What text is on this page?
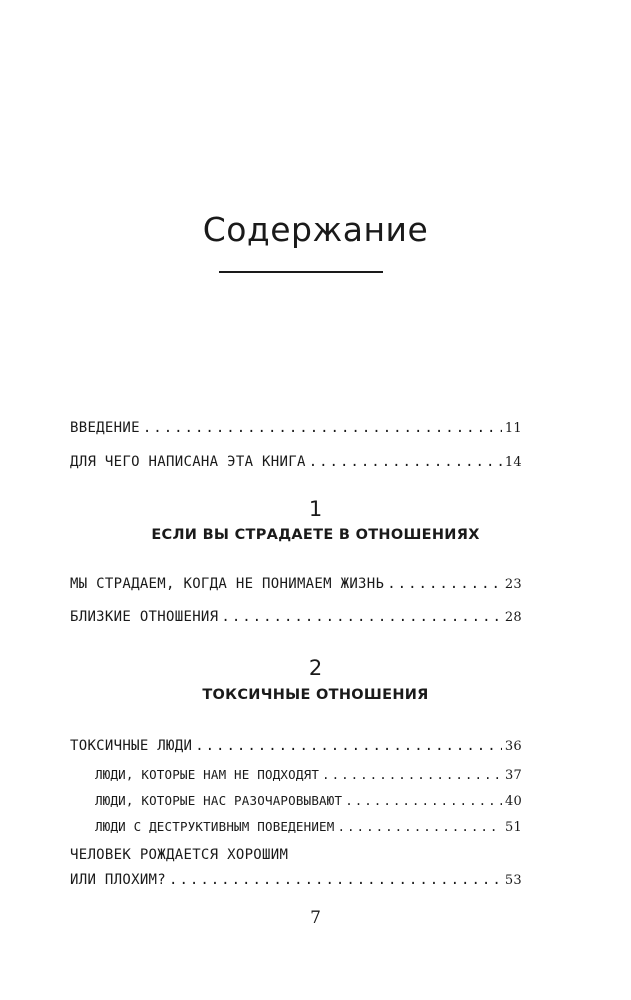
Содержание
ВВЕДЕНИЕ .....	11
ДЛЯ ЧЕГО НАПИСАНА ЭТА КНИГА .....	14
1
ЕСЛИ ВЫ СТРАДАЕТЕ В ОТНОШЕНИЯХ
МЫ СТРАДАЕМ, КОГДА НЕ ПОНИМАЕМ ЖИЗНЬ .....	23
БЛИЗКИЕ ОТНОШЕНИЯ .....	28
2
ТОКСИЧНЫЕ ОТНОШЕНИЯ
ТОКСИЧНЫЕ ЛЮДИ .....	36
ЛЮДИ, КОТОРЫЕ НАМ НЕ ПОДХОДЯТ .....	37
ЛЮДИ, КОТОРЫЕ НАС РАЗОЧАРОВЫВАЮТ .....	40
ЛЮДИ С ДЕСТРУКТИВНЫМ ПОВЕДЕНИЕМ .....	51
ЧЕЛОВЕК РОЖДАЕТСЯ ХОРОШИМ
ИЛИ ПЛОХИМ? .....	53
7
